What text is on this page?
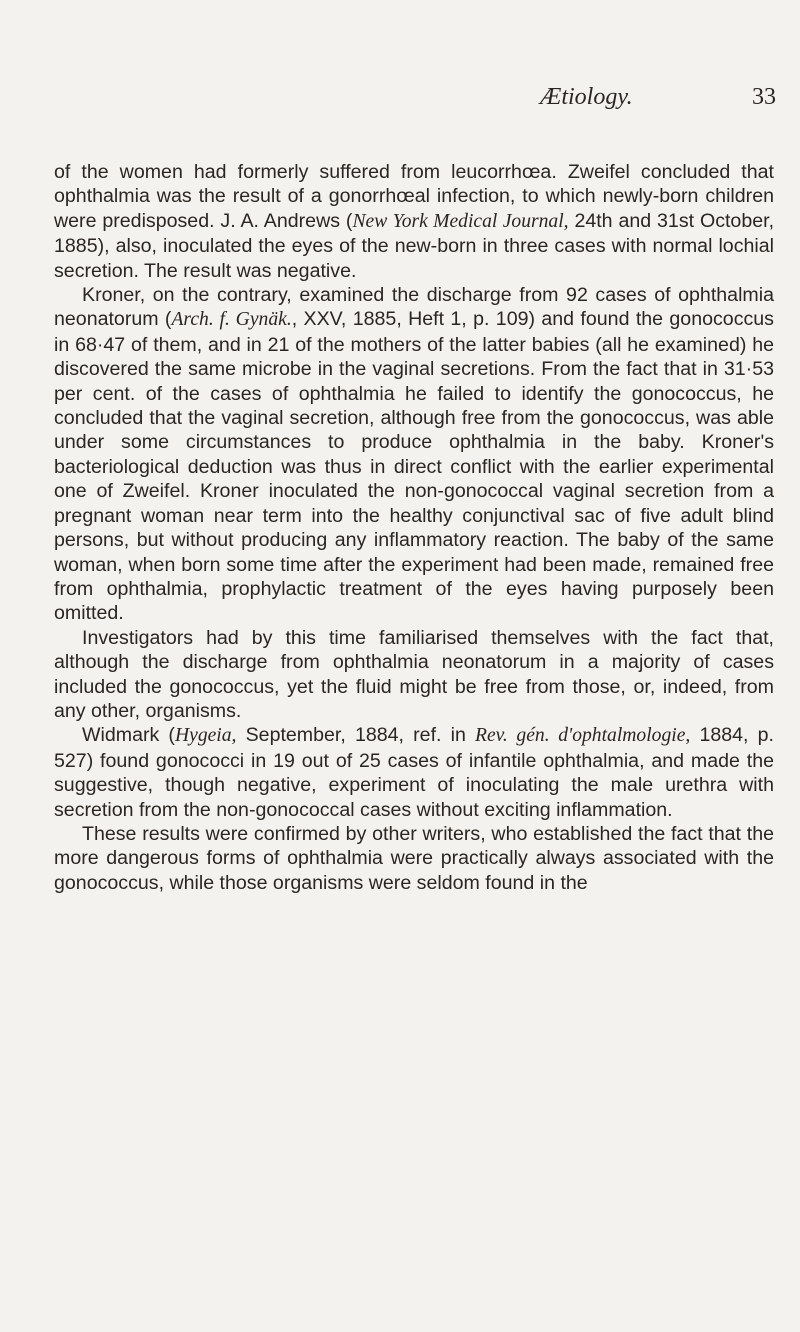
Ætiology.	33

of the women had formerly suffered from leucorrhœa. Zweifel concluded that ophthalmia was the result of a gonorrhœal infection, to which newly-born children were predisposed. J. A. Andrews (New York Medical Journal, 24th and 31st October, 1885), also, inoculated the eyes of the new-born in three cases with normal lochial secretion. The result was negative.

Kroner, on the contrary, examined the discharge from 92 cases of ophthalmia neonatorum (Arch. f. Gynäk., XXV, 1885, Heft 1, p. 109) and found the gonococcus in 68·47 of them, and in 21 of the mothers of the latter babies (all he examined) he discovered the same microbe in the vaginal secretions. From the fact that in 31·53 per cent. of the cases of ophthalmia he failed to identify the gonococcus, he concluded that the vaginal secretion, although free from the gonococcus, was able under some circumstances to produce ophthalmia in the baby. Kroner's bacteriological deduction was thus in direct conflict with the earlier experimental one of Zweifel. Kroner inoculated the non-gonococcal vaginal secretion from a pregnant woman near term into the healthy conjunctival sac of five adult blind persons, but without producing any inflammatory reaction. The baby of the same woman, when born some time after the experiment had been made, remained free from ophthalmia, prophylactic treatment of the eyes having purposely been omitted.

Investigators had by this time familiarised themselves with the fact that, although the discharge from ophthalmia neonatorum in a majority of cases included the gonococcus, yet the fluid might be free from those, or, indeed, from any other, organisms.

Widmark (Hygeia, September, 1884, ref. in Rev. gén. d'ophtalmologie, 1884, p. 527) found gonococci in 19 out of 25 cases of infantile ophthalmia, and made the suggestive, though negative, experiment of inoculating the male urethra with secretion from the non-gonococcal cases without exciting inflammation.

These results were confirmed by other writers, who established the fact that the more dangerous forms of ophthalmia were practically always associated with the gonococcus, while those organisms were seldom found in the
